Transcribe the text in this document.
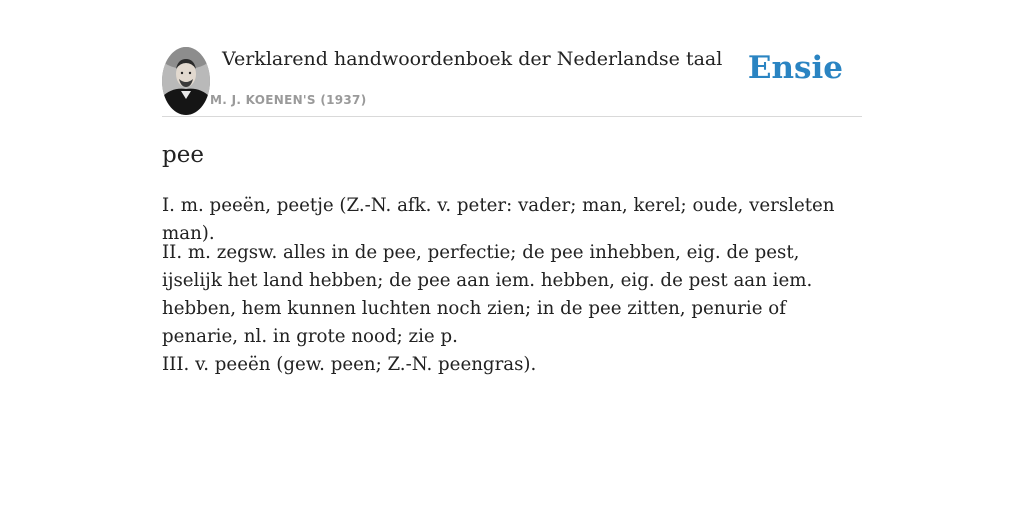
Verklarend handwoordenboek der Nederlandse taal
M. J. KOENEN'S (1937)
Ensie
pee

I. m. peeën, peetje (Z.-N. afk. v. peter: vader; man, kerel; oude, versleten man).

II. m. zegsw. alles in de pee, perfectie; de pee inhebben, eig. de pest, ijselijk het land hebben; de pee aan iem. hebben, eig. de pest aan iem. hebben, hem kunnen luchten noch zien; in de pee zitten, penurie of penarie, nl. in grote nood; zie p.

III. v. peeën (gew. peen; Z.-N. peengras).
